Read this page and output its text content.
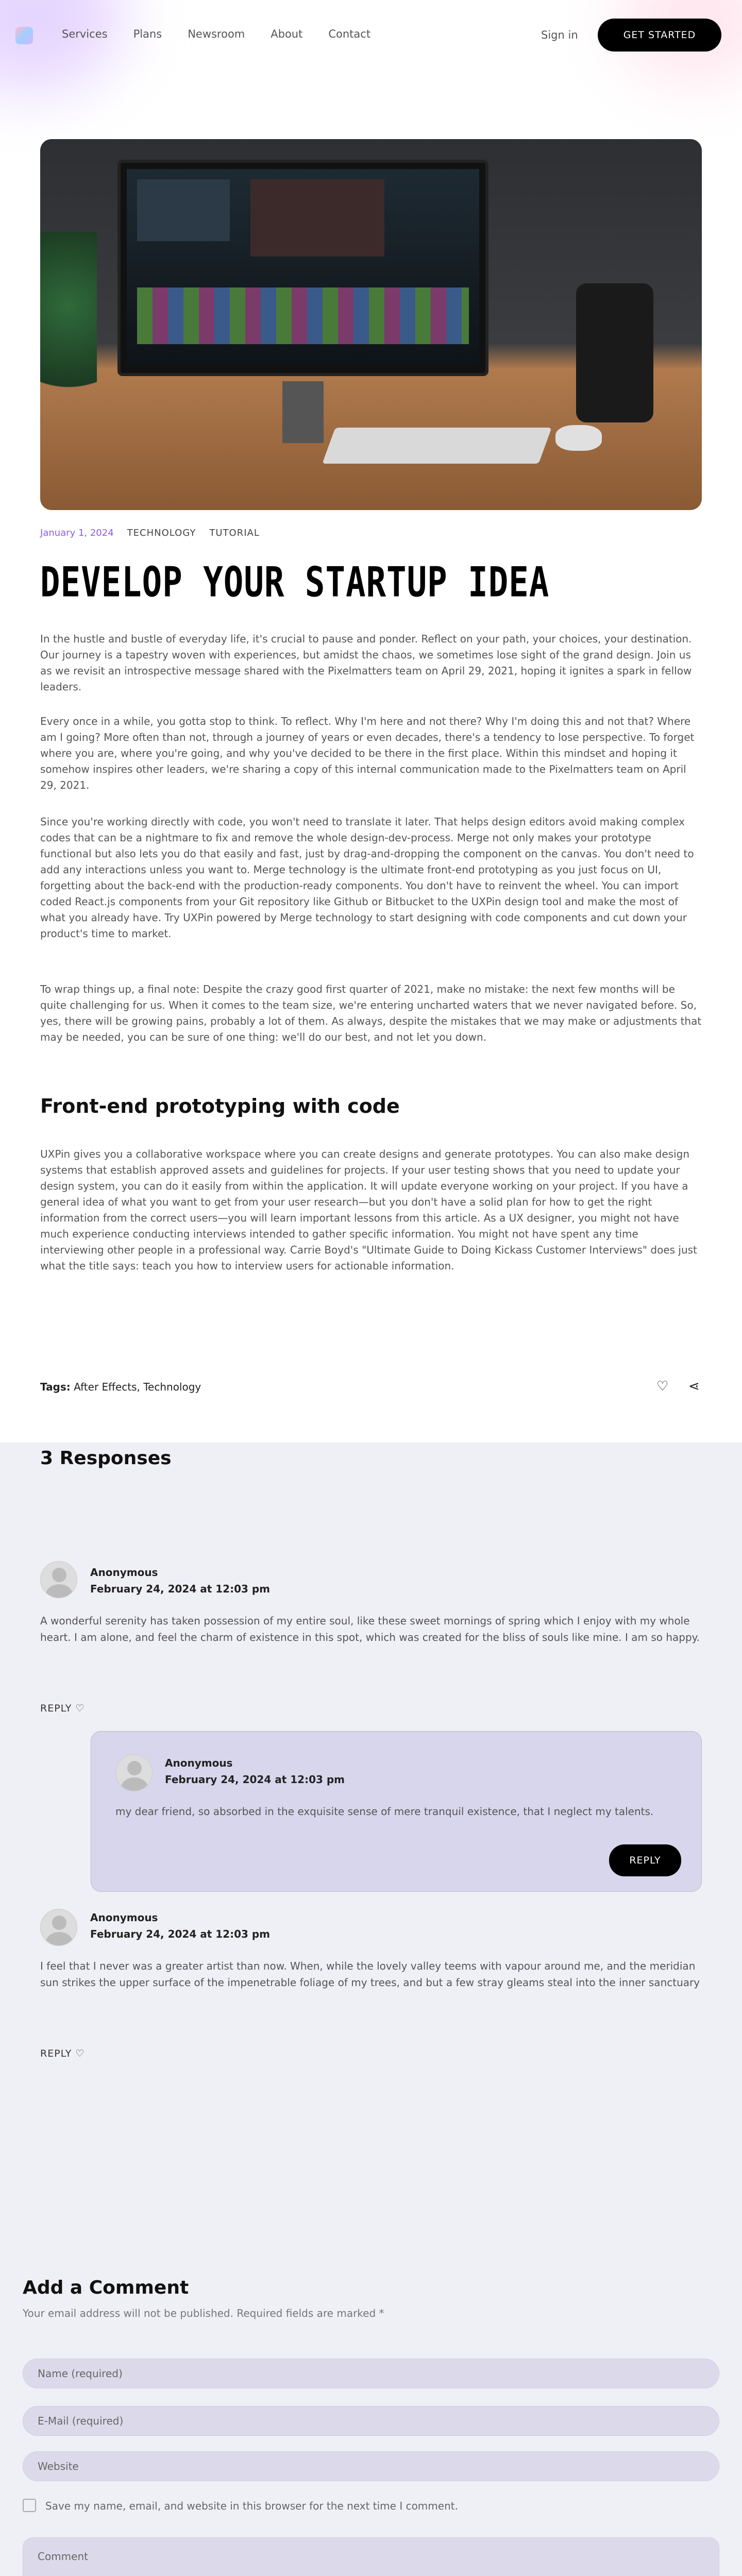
Services Plans Newsroom About Contact	Sign in	GET STARTED
January 1, 2024 TECHNOLOGY TUTORIAL
DEVELOP YOUR STARTUP IDEA

In the hustle and bustle of everyday life, it's crucial to pause and ponder. Reflect on your path, your choices, your destination. Our journey is a tapestry woven with experiences, but amidst the chaos, we sometimes lose sight of the grand design. Join us as we revisit an introspective message shared with the Pixelmatters team on April 29, 2021, hoping it ignites a spark in fellow leaders.

Every once in a while, you gotta stop to think. To reflect. Why I'm here and not there? Why I'm doing this and not that? Where am I going? More often than not, through a journey of years or even decades, there's a tendency to lose perspective. To forget where you are, where you're going, and why you've decided to be there in the first place. Within this mindset and hoping it somehow inspires other leaders, we're sharing a copy of this internal communication made to the Pixelmatters team on April 29, 2021.

Since you're working directly with code, you won't need to translate it later. That helps design editors avoid making complex codes that can be a nightmare to fix and remove the whole design-dev-process. Merge not only makes your prototype functional but also lets you do that easily and fast, just by drag-and-dropping the component on the canvas. You don't need to add any interactions unless you want to. Merge technology is the ultimate front-end prototyping as you just focus on UI, forgetting about the back-end with the production-ready components. You don't have to reinvent the wheel. You can import coded React.js components from your Git repository like Github or Bitbucket to the UXPin design tool and make the most of what you already have. Try UXPin powered by Merge technology to start designing with code components and cut down your product's time to market.

To wrap things up, a final note: Despite the crazy good first quarter of 2021, make no mistake: the next few months will be quite challenging for us. When it comes to the team size, we're entering uncharted waters that we never navigated before. So, yes, there will be growing pains, probably a lot of them. As always, despite the mistakes that we may make or adjustments that may be needed, you can be sure of one thing: we'll do our best, and not let you down.

Front-end prototyping with code

UXPin gives you a collaborative workspace where you can create designs and generate prototypes. You can also make design systems that establish approved assets and guidelines for projects. If your user testing shows that you need to update your design system, you can do it easily from within the application. It will update everyone working on your project. If you have a general idea of what you want to get from your user research—but you don't have a solid plan for how to get the right information from the correct users—you will learn important lessons from this article. As a UX designer, you might not have much experience conducting interviews intended to gather specific information. You might not have spent any time interviewing other people in a professional way. Carrie Boyd's "Ultimate Guide to Doing Kickass Customer Interviews" does just what the title says: teach you how to interview users for actionable information.

Tags: After Effects, Technology	♡ ⋖
3 Responses
Anonymous
February 24, 2024 at 12:03 pm

A wonderful serenity has taken possession of my entire soul, like these sweet mornings of spring which I enjoy with my whole heart. I am alone, and feel the charm of existence in this spot, which was created for the bliss of souls like mine. I am so happy.

REPLY ♡
Anonymous
February 24, 2024 at 12:03 pm

my dear friend, so absorbed in the exquisite sense of mere tranquil existence, that I neglect my talents.

REPLY
Anonymous
February 24, 2024 at 12:03 pm

I feel that I never was a greater artist than now. When, while the lovely valley teems with vapour around me, and the meridian sun strikes the upper surface of the impenetrable foliage of my trees, and but a few stray gleams steal into the inner sanctuary

REPLY ♡
Add a Comment

Your email address will not be published. Required fields are marked *

Name (required)
E-Mail (required)
Website
Save my name, email, and website in this browser for the next time I comment.
Comment
